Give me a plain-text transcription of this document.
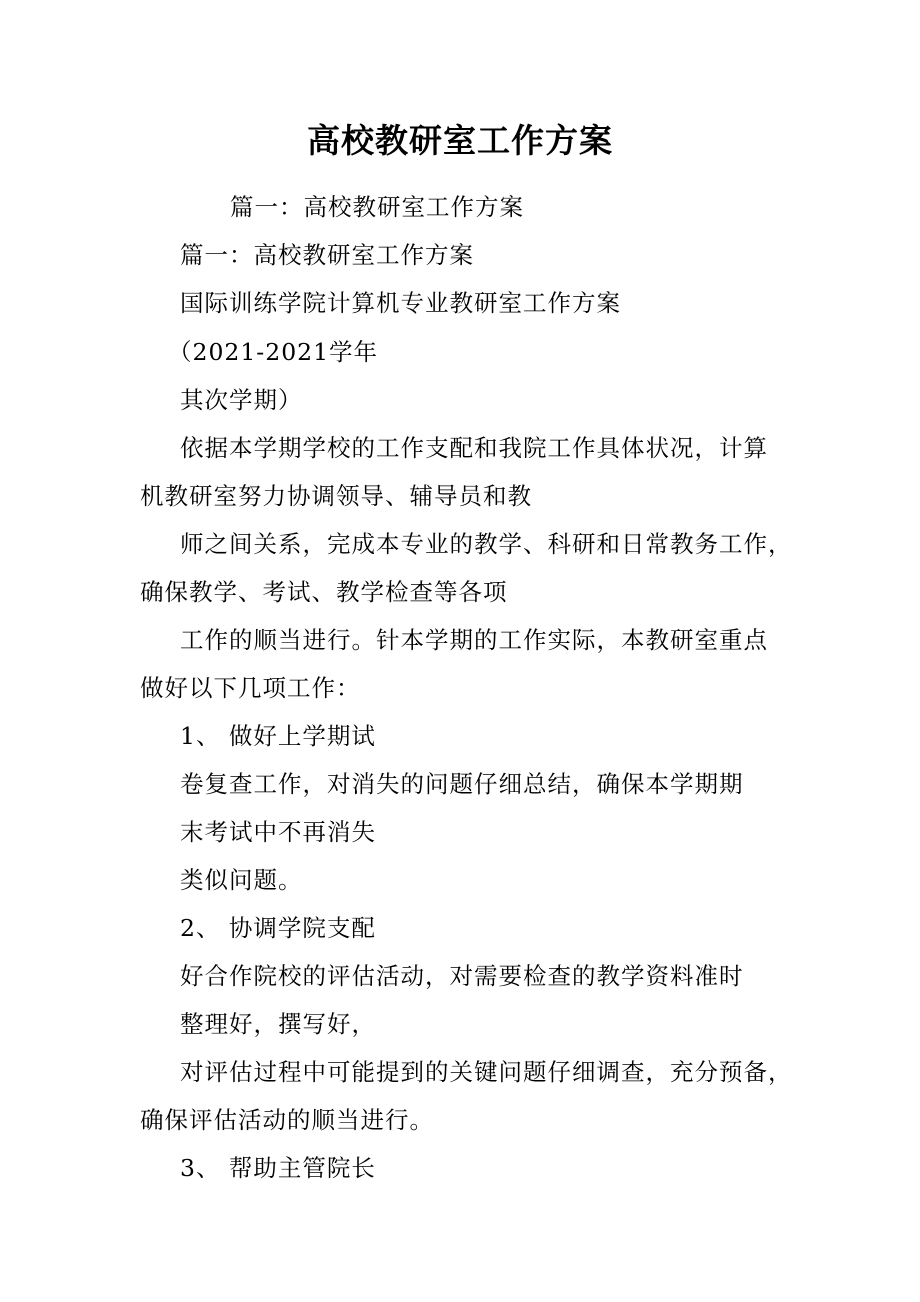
高校教研室工作方案
篇一：高校教研室工作方案
篇一：高校教研室工作方案
国际训练学院计算机专业教研室工作方案
（2021-2021学年
其次学期）
依据本学期学校的工作支配和我院工作具体状况，计算
机教研室努力协调领导、辅导员和教
师之间关系，完成本专业的教学、科研和日常教务工作，
确保教学、考试、教学检查等各项
工作的顺当进行。针本学期的工作实际，本教研室重点
做好以下几项工作：
1、 做好上学期试
卷复查工作，对消失的问题仔细总结，确保本学期期
末考试中不再消失
类似问题。
2、 协调学院支配
好合作院校的评估活动，对需要检查的教学资料准时
整理好，撰写好，
对评估过程中可能提到的关键问题仔细调查，充分预备，
确保评估活动的顺当进行。
3、 帮助主管院长
